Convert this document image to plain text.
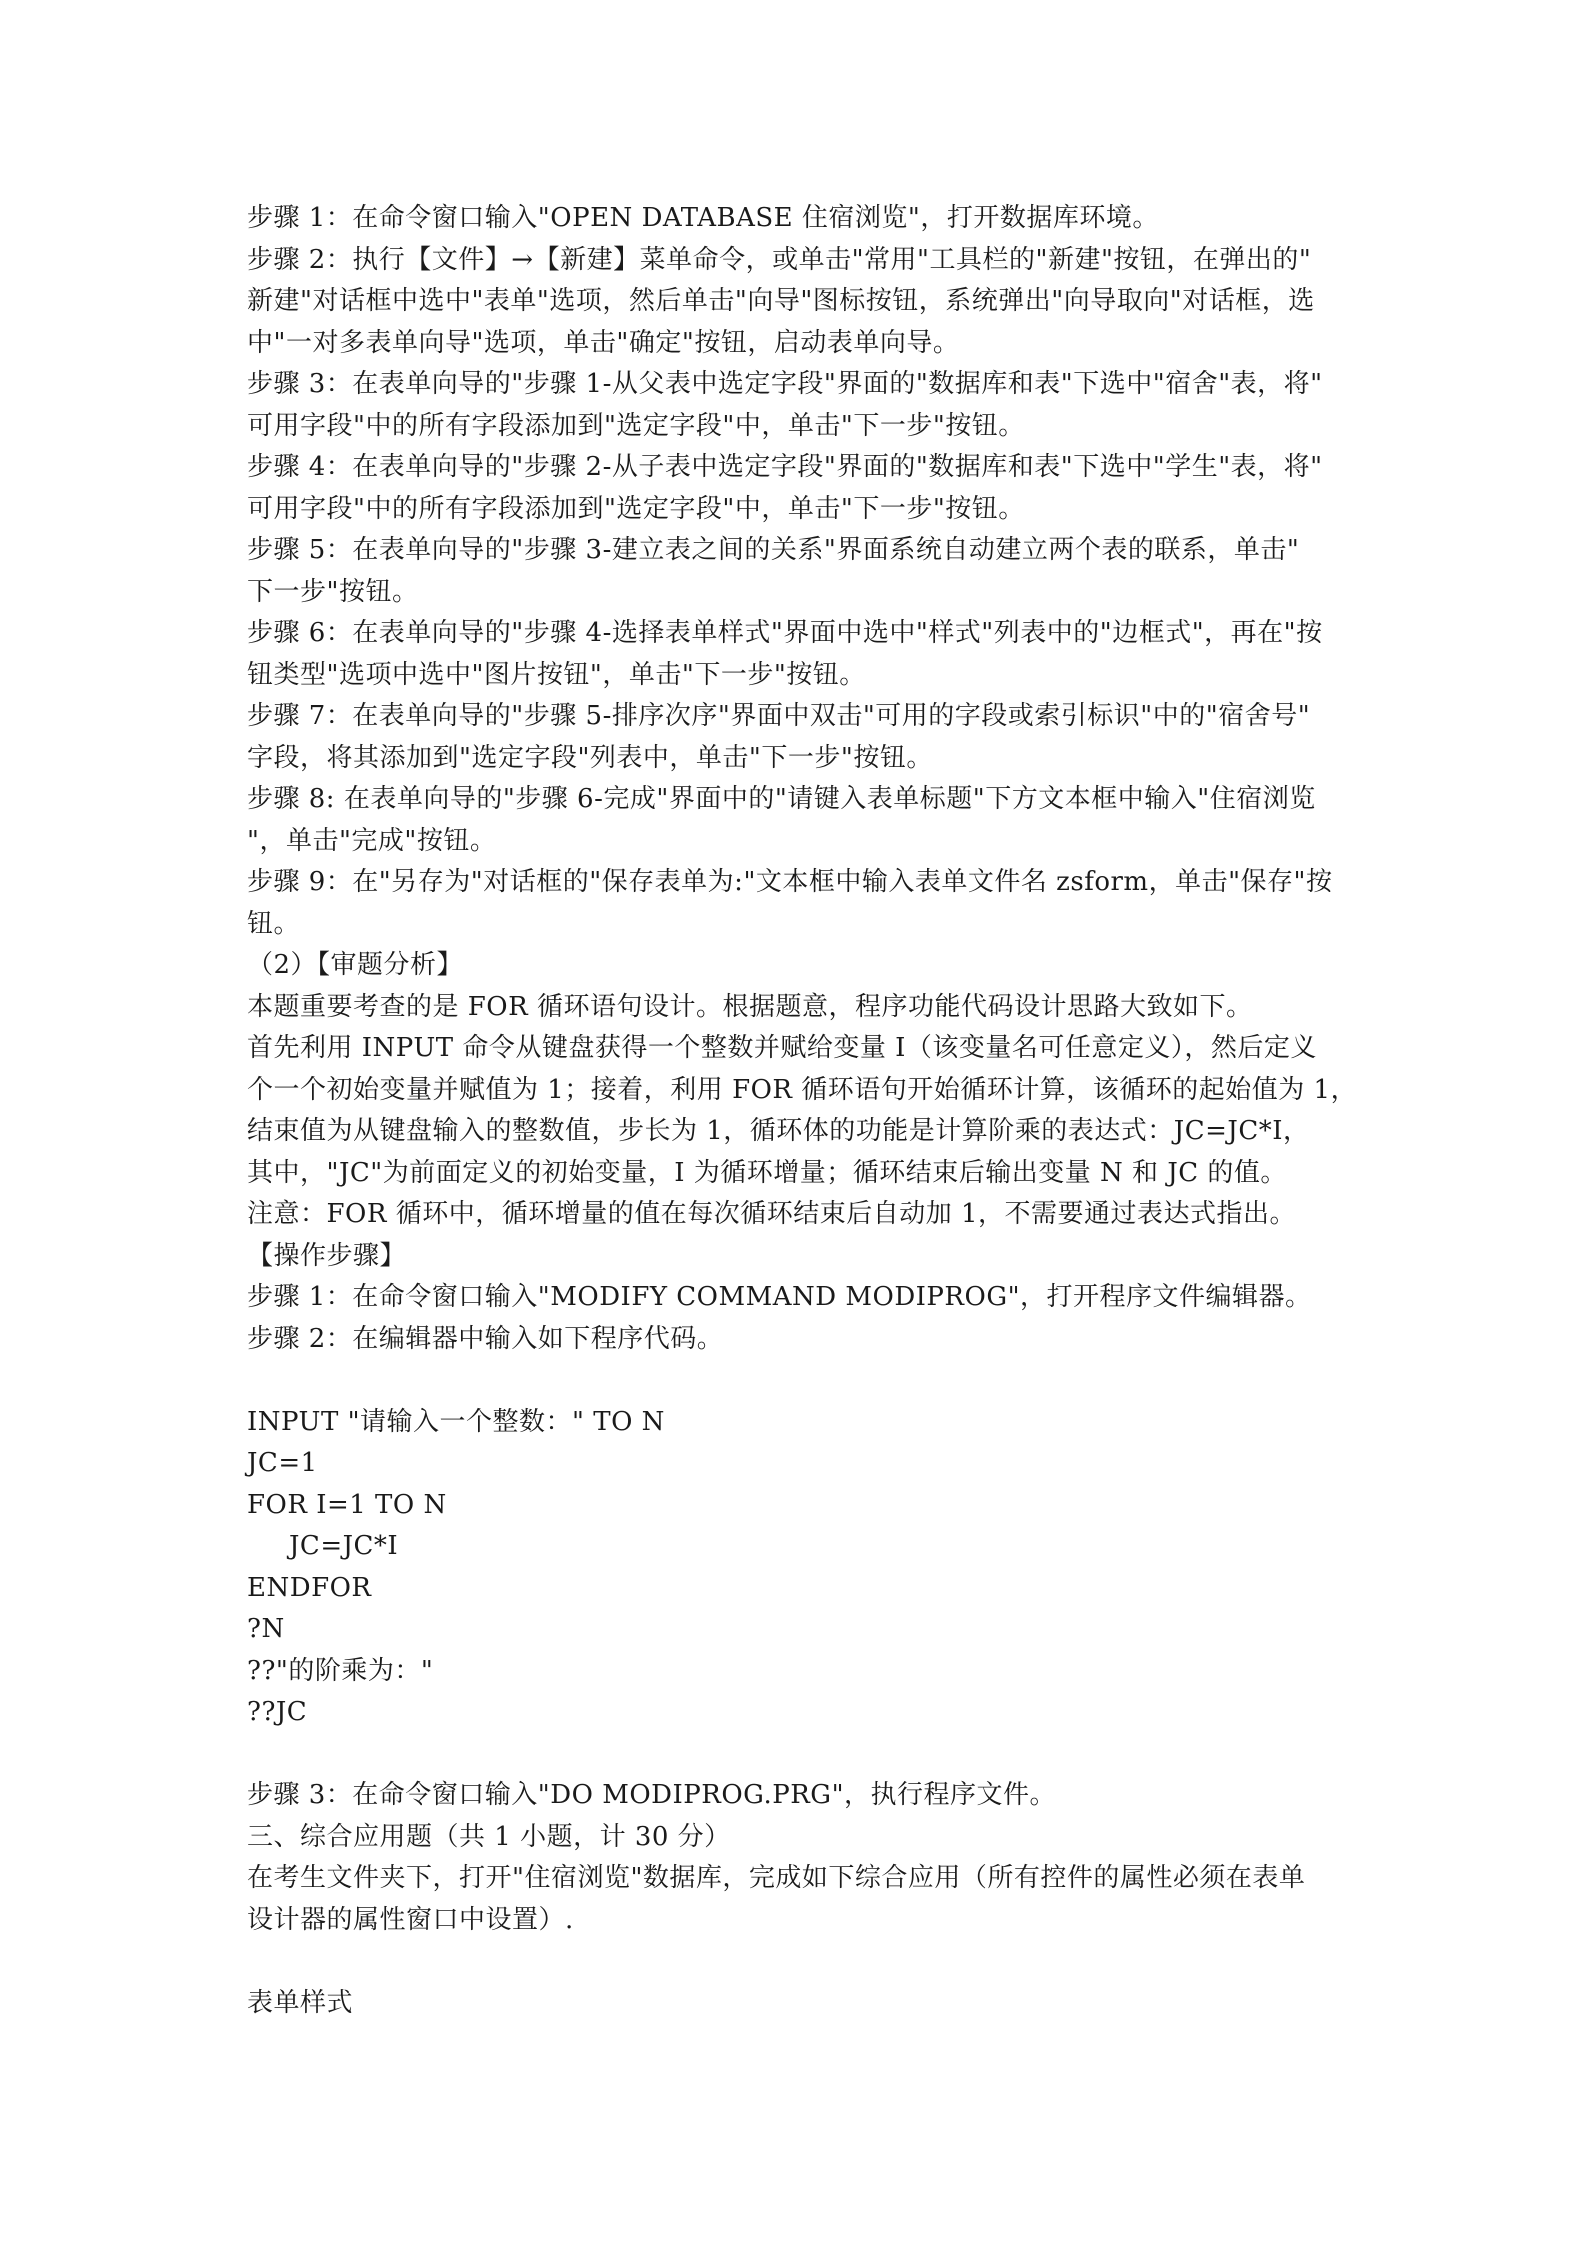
步骤 1：在命令窗口输入"OPEN DATABASE 住宿浏览"，打开数据库环境。
步骤 2：执行【文件】→【新建】菜单命令，或单击"常用"工具栏的"新建"按钮，在弹出的"
新建"对话框中选中"表单"选项，然后单击"向导"图标按钮，系统弹出"向导取向"对话框，选
中"一对多表单向导"选项，单击"确定"按钮，启动表单向导。
步骤 3：在表单向导的"步骤 1-从父表中选定字段"界面的"数据库和表"下选中"宿舍"表，将"
可用字段"中的所有字段添加到"选定字段"中，单击"下一步"按钮。
步骤 4：在表单向导的"步骤 2-从子表中选定字段"界面的"数据库和表"下选中"学生"表，将"
可用字段"中的所有字段添加到"选定字段"中，单击"下一步"按钮。
步骤 5：在表单向导的"步骤 3-建立表之间的关系"界面系统自动建立两个表的联系，单击"
下一步"按钮。
步骤 6：在表单向导的"步骤 4-选择表单样式"界面中选中"样式"列表中的"边框式"，再在"按
钮类型"选项中选中"图片按钮"，单击"下一步"按钮。
步骤 7：在表单向导的"步骤 5-排序次序"界面中双击"可用的字段或索引标识"中的"宿舍号"
字段，将其添加到"选定字段"列表中，单击"下一步"按钮。
步骤 8: 在表单向导的"步骤 6-完成"界面中的"请键入表单标题"下方文本框中输入"住宿浏览
"，单击"完成"按钮。
步骤 9：在"另存为"对话框的"保存表单为:"文本框中输入表单文件名 zsform，单击"保存"按
钮。
（2）【审题分析】
本题重要考查的是 FOR 循环语句设计。根据题意，程序功能代码设计思路大致如下。
首先利用 INPUT 命令从键盘获得一个整数并赋给变量 I（该变量名可任意定义），然后定义
个一个初始变量并赋值为 1；接着，利用 FOR 循环语句开始循环计算，该循环的起始值为 1，
结束值为从键盘输入的整数值，步长为 1，循环体的功能是计算阶乘的表达式：JC=JC*I，
其中，"JC"为前面定义的初始变量，I 为循环增量；循环结束后输出变量 N 和 JC 的值。
注意：FOR 循环中，循环增量的值在每次循环结束后自动加 1，不需要通过表达式指出。
【操作步骤】
步骤 1：在命令窗口输入"MODIFY COMMAND MODIPROG"，打开程序文件编辑器。
步骤 2：在编辑器中输入如下程序代码。
INPUT "请输入一个整数：" TO N
JC=1
FOR I=1 TO N
JC=JC*I
ENDFOR
?N
??"的阶乘为："
??JC
步骤 3：在命令窗口输入"DO MODIPROG.PRG"，执行程序文件。
三、综合应用题（共 1 小题，计 30 分）
在考生文件夹下，打开"住宿浏览"数据库，完成如下综合应用（所有控件的属性必须在表单
设计器的属性窗口中设置）.
表单样式
